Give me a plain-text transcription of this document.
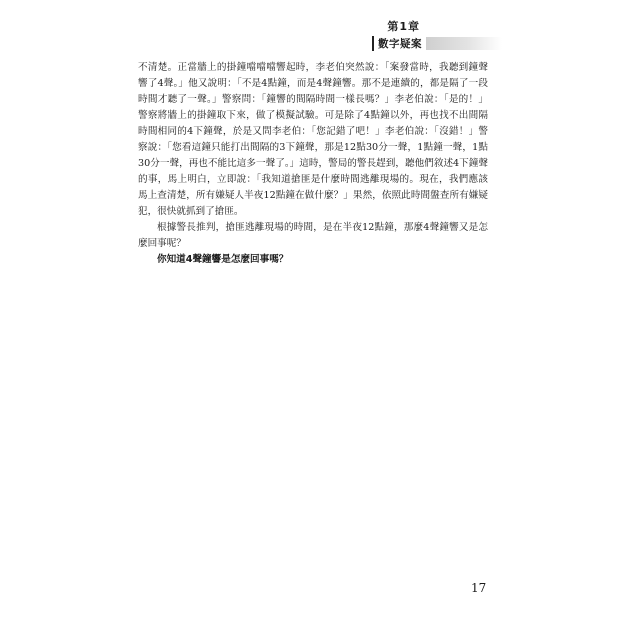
第1章
數字疑案

不清楚。正當牆上的掛鐘噹噹噹響起時，李老伯突然說：「案發當時，我聽到鐘聲響了4聲。」他又說明：「不是4點鐘，而是4聲鐘響。那不是連續的，都是隔了一段時間才聽了一聲。」警察問：「鐘響的間隔時間一樣長嗎？」李老伯說：「是的！」警察將牆上的掛鐘取下來，做了模擬試驗。可是除了4點鐘以外，再也找不出間隔時間相同的4下鐘聲，於是又問李老伯：「您記錯了吧！」李老伯說：「沒錯！」警察說：「您看這鐘只能打出間隔的3下鐘聲，那是12點30分一聲，1點鐘一聲，1點30分一聲，再也不能比這多一聲了。」這時，警局的警長趕到，聽他們敘述4下鐘聲的事，馬上明白，立即說：「我知道搶匪是什麼時間逃離現場的。現在，我們應該馬上查清楚，所有嫌疑人半夜12點鐘在做什麼？」果然，依照此時間盤查所有嫌疑犯，很快就抓到了搶匪。

根據警長推判，搶匪逃離現場的時間，是在半夜12點鐘，那麼4聲鐘響又是怎麼回事呢？

你知道4聲鐘響是怎麼回事嗎？

17
